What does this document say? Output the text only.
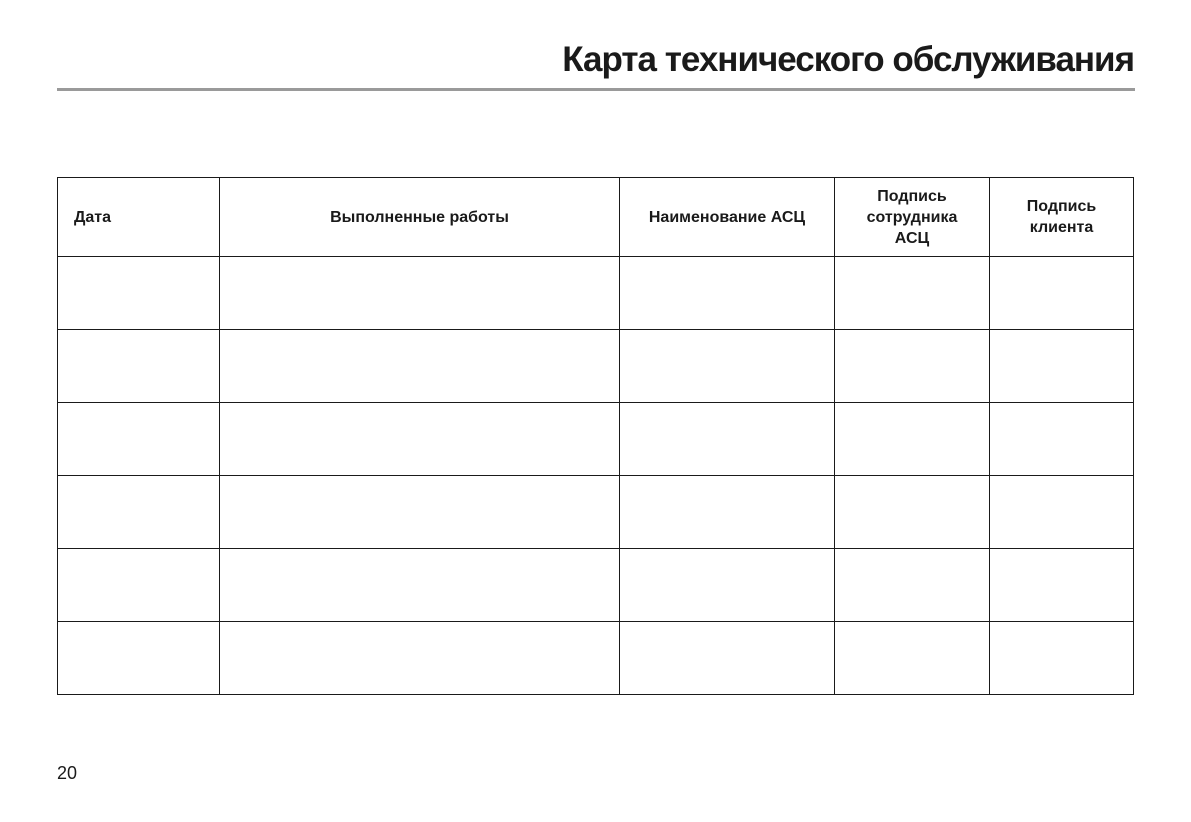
Карта технического обслуживания
Дата	Выполненные работы	Наименование АСЦ	Подпись сотрудника АСЦ	Подпись клиента

20
